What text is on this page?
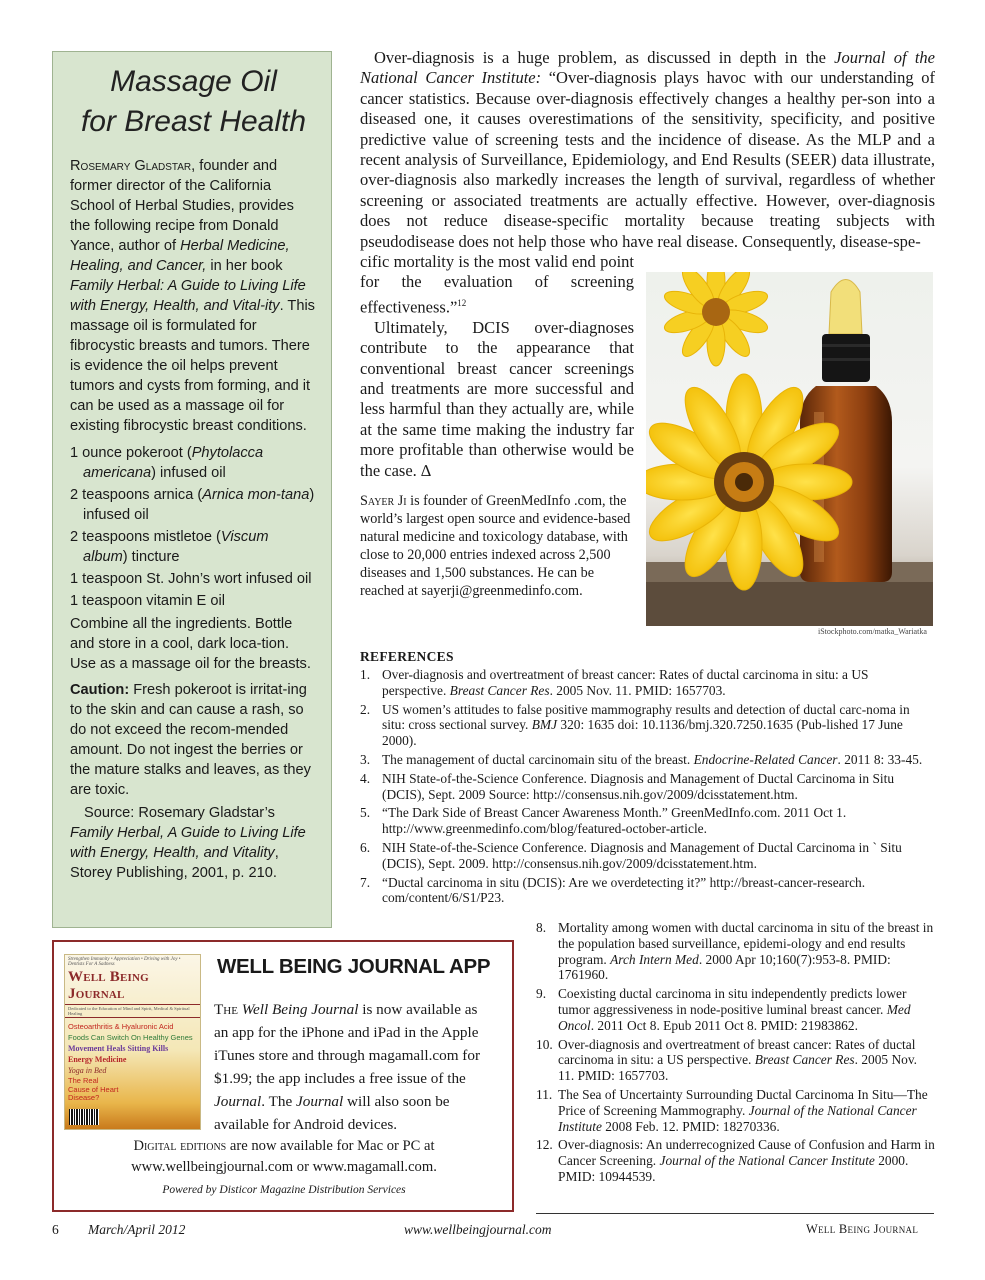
Massage Oil
for Breast Health
Rosemary Gladstar, founder and former director of the California School of Herbal Studies, provides the following recipe from Donald Yance, author of Herbal Medicine, Healing, and Cancer, in her book Family Herbal: A Guide to Living Life with Energy, Health, and Vital-ity. This massage oil is formulated for fibrocystic breasts and tumors. There is evidence the oil helps prevent tumors and cysts from forming, and it can be used as a massage oil for existing fibrocystic breast conditions.
1 ounce pokeroot (Phytolacca americana) infused oil
2 teaspoons arnica (Arnica mon-tana) infused oil
2 teaspoons mistletoe (Viscum album) tincture
1 teaspoon St. John’s wort infused oil
1 teaspoon vitamin E oil
Combine all the ingredients. Bottle and store in a cool, dark loca-tion. Use as a massage oil for the breasts.
Caution: Fresh pokeroot is irritat-ing to the skin and can cause a rash, so do not exceed the recom-mended amount. Do not ingest the berries or the mature stalks and leaves, as they are toxic.
Source: Rosemary Gladstar’s Family Herbal, A Guide to Living Life with Energy, Health, and Vitality, Storey Publishing, 2001, p. 210.

Over-diagnosis is a huge problem, as discussed in depth in the Journal of the National Cancer Institute: “Over-diagnosis plays havoc with our understanding of cancer statistics. Because over-diagnosis effectively changes a healthy per-son into a diseased one, it causes overestimations of the sensitivity, specificity, and positive predictive value of screening tests and the incidence of disease. As the MLP and a recent analysis of Surveillance, Epidemiology, and End Results (SEER) data illustrate, over-diagnosis also markedly increases the length of survival, regardless of whether screening or associated treatments are actually effective. However, over-diagnosis does not reduce disease-specific mortality because treating subjects with pseudodisease does not help those who have real disease. Consequently, disease-spe-

cific mortality is the most valid end point for the evaluation of screening effectiveness.”$^{12}$

Ultimately, DCIS over-diagnoses contribute to the appearance that conventional breast cancer screenings and treatments are more successful and less harmful than they actually are, while at the same time making the industry far more profitable than otherwise would be the case. ∆

Sayer Ji is founder of GreenMedInfo .com, the world’s largest open source and evidence-based natural medicine and toxicology database, with close to 20,000 entries indexed across 2,500 diseases and 1,500 substances. He can be reached at sayerji@greenmedinfo.com.
iStockphoto.com/matka_Wariatka
REFERENCES
1. Over-diagnosis and overtreatment of breast cancer: Rates of ductal carcinoma in situ: a US perspective. Breast Cancer Res. 2005 Nov. 11. PMID: 1657703.
2. US women’s attitudes to false positive mammography results and detection of ductal carc-noma in situ: cross sectional survey. BMJ 320: 1635 doi: 10.1136/bmj.320.7250.1635 (Pub-lished 17 June 2000).
3. The management of ductal carcinomain situ of the breast. Endocrine-Related Cancer. 2011 8: 33-45.
4. NIH State-of-the-Science Conference. Diagnosis and Management of Ductal Carcinoma in Situ (DCIS), Sept. 2009 Source: http://consensus.nih.gov/2009/dcisstatement.htm.
5. “The Dark Side of Breast Cancer Awareness Month.” GreenMedInfo.com. 2011 Oct 1. http://www.greenmedinfo.com/blog/featured-october-article.
6. NIH State-of-the-Science Conference. Diagnosis and Management of Ductal Carcinoma in ` Situ (DCIS), Sept. 2009. http://consensus.nih.gov/2009/dcisstatement.htm.
7. “Ductal carcinoma in situ (DCIS): Are we overdetecting it?” http://breast-cancer-research. com/content/6/S1/P23.
8. Mortality among women with ductal carcinoma in situ of the breast in the population based surveillance, epidemi-ology and end results program. Arch Intern Med. 2000 Apr 10;160(7):953-8. PMID: 1761960.
9. Coexisting ductal carcinoma in situ independently predicts lower tumor aggressiveness in node-positive luminal breast cancer. Med Oncol. 2011 Oct 8. Epub 2011 Oct 8. PMID: 21983862.
10. Over-diagnosis and overtreatment of breast cancer: Rates of ductal carcinoma in situ: a US perspective. Breast Cancer Res. 2005 Nov. 11. PMID: 1657703.
11. The Sea of Uncertainty Surrounding Ductal Carcinoma In Situ—The Price of Screening Mammography. Journal of the National Cancer Institute 2008 Feb. 12. PMID: 18270336.
12. Over-diagnosis: An underrecognized Cause of Confusion and Harm in Cancer Screening. Journal of the National Cancer Institute 2000. PMID: 10944539.
Strengthen Immunity • Appreciation • Driving with Joy • Dentists For A Sadness
Well Being Journal
Dedicated to the Education of Mind and Spirit, Medical & Spiritual Healing
Osteoarthritis & Hyaluronic Acid
Foods Can Switch On Healthy Genes
Movement Heals Sitting Kills
Energy Medicine
Yoga in Bed
The Real Cause of Heart Disease?
WELL BEING JOURNAL APP
The Well Being Journal is now available as an app for the iPhone and iPad in the Apple iTunes store and through magamall.com for $1.99; the app includes a free issue of the Journal. The Journal will also soon be available for Android devices.
Digital editions are now available for Mac or PC at www.wellbeingjournal.com or www.magamall.com.
Powered by Disticor Magazine Distribution Services
6 March/April 2012	www.wellbeingjournal.com	Well Being Journal
